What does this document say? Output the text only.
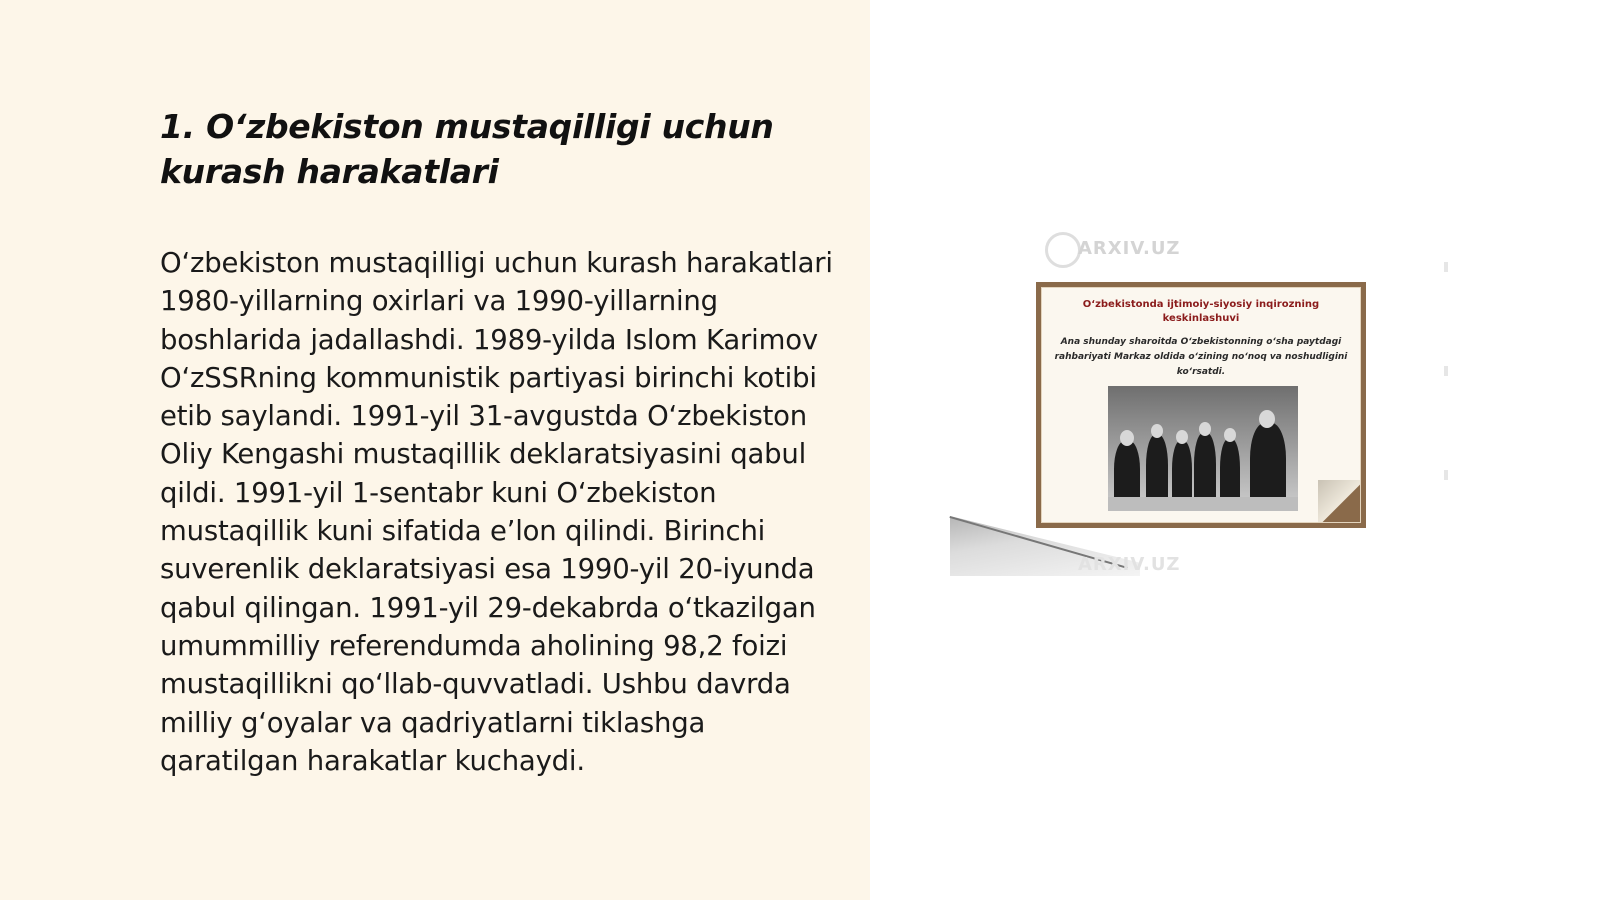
1. O‘zbekiston mustaqilligi uchun kurash harakatlari

O‘zbekiston mustaqilligi uchun kurash harakatlari 1980-yillarning oxirlari va 1990-yillarning boshlarida jadallashdi. 1989-yilda Islom Karimov O‘zSSRning kommunistik partiyasi birinchi kotibi etib saylandi. 1991-yil 31-avgustda O‘zbekiston Oliy Kengashi mustaqillik deklaratsiyasini qabul qildi. 1991-yil 1-sentabr kuni O‘zbekiston mustaqillik kuni sifatida e’lon qilindi. Birinchi suverenlik deklaratsiyasi esa 1990-yil 20-iyunda qabul qilingan. 1991-yil 29-dekabrda o‘tkazilgan umummilliy referendumda aholining 98,2 foizi mustaqillikni qo‘llab-quvvatladi. Ushbu davrda milliy g‘oyalar va qadriyatlarni tiklashga qaratilgan harakatlar kuchaydi.

ARXIV.UZ
O‘zbekistonda ijtimoiy-siyosiy inqirozning keskinlashuvi
Ana shunday sharoitda O‘zbekistonning o‘sha paytdagi rahbariyati Markaz oldida o‘zining no‘noq va noshudligini ko‘rsatdi.
ARXIV.UZ
